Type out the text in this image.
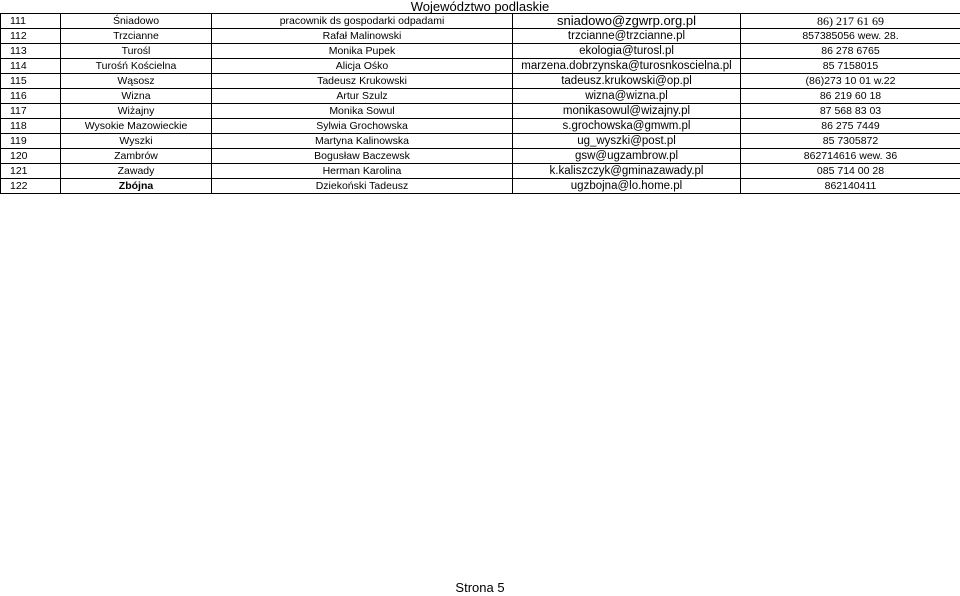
Województwo podlaskie
111	Śniadowo	pracownik ds gospodarki odpadami	sniadowo@zgwrp.org.pl	86) 217 61 69
112	Trzcianne	Rafał Malinowski	trzcianne@trzcianne.pl	857385056 wew. 28.
113	Turośl	Monika Pupek	ekologia@turosl.pl	86 278 6765
114	Turośń Kościelna	Alicja Ośko	marzena.dobrzynska@turosnkoscielna.pl	85 7158015
115	Wąsosz	Tadeusz Krukowski	tadeusz.krukowski@op.pl	(86)273 10 01 w.22
116	Wizna	Artur Szulz	wizna@wizna.pl	86 219 60 18
117	Wiżajny	Monika Sowul	monikasowul@wizajny.pl	87 568 83 03
118	Wysokie Mazowieckie	Sylwia Grochowska	s.grochowska@gmwm.pl	86 275 7449
119	Wyszki	Martyna Kalinowska	ug_wyszki@post.pl	85 7305872
120	Zambrów	Bogusław Baczewsk	gsw@ugzambrow.pl	862714616 wew. 36
121	Zawady	Herman Karolina	k.kaliszczyk@gminazawady.pl	085 714 00 28
122	Zbójna	Dziekoński Tadeusz	ugzbojna@lo.home.pl	862140411
Strona 5
